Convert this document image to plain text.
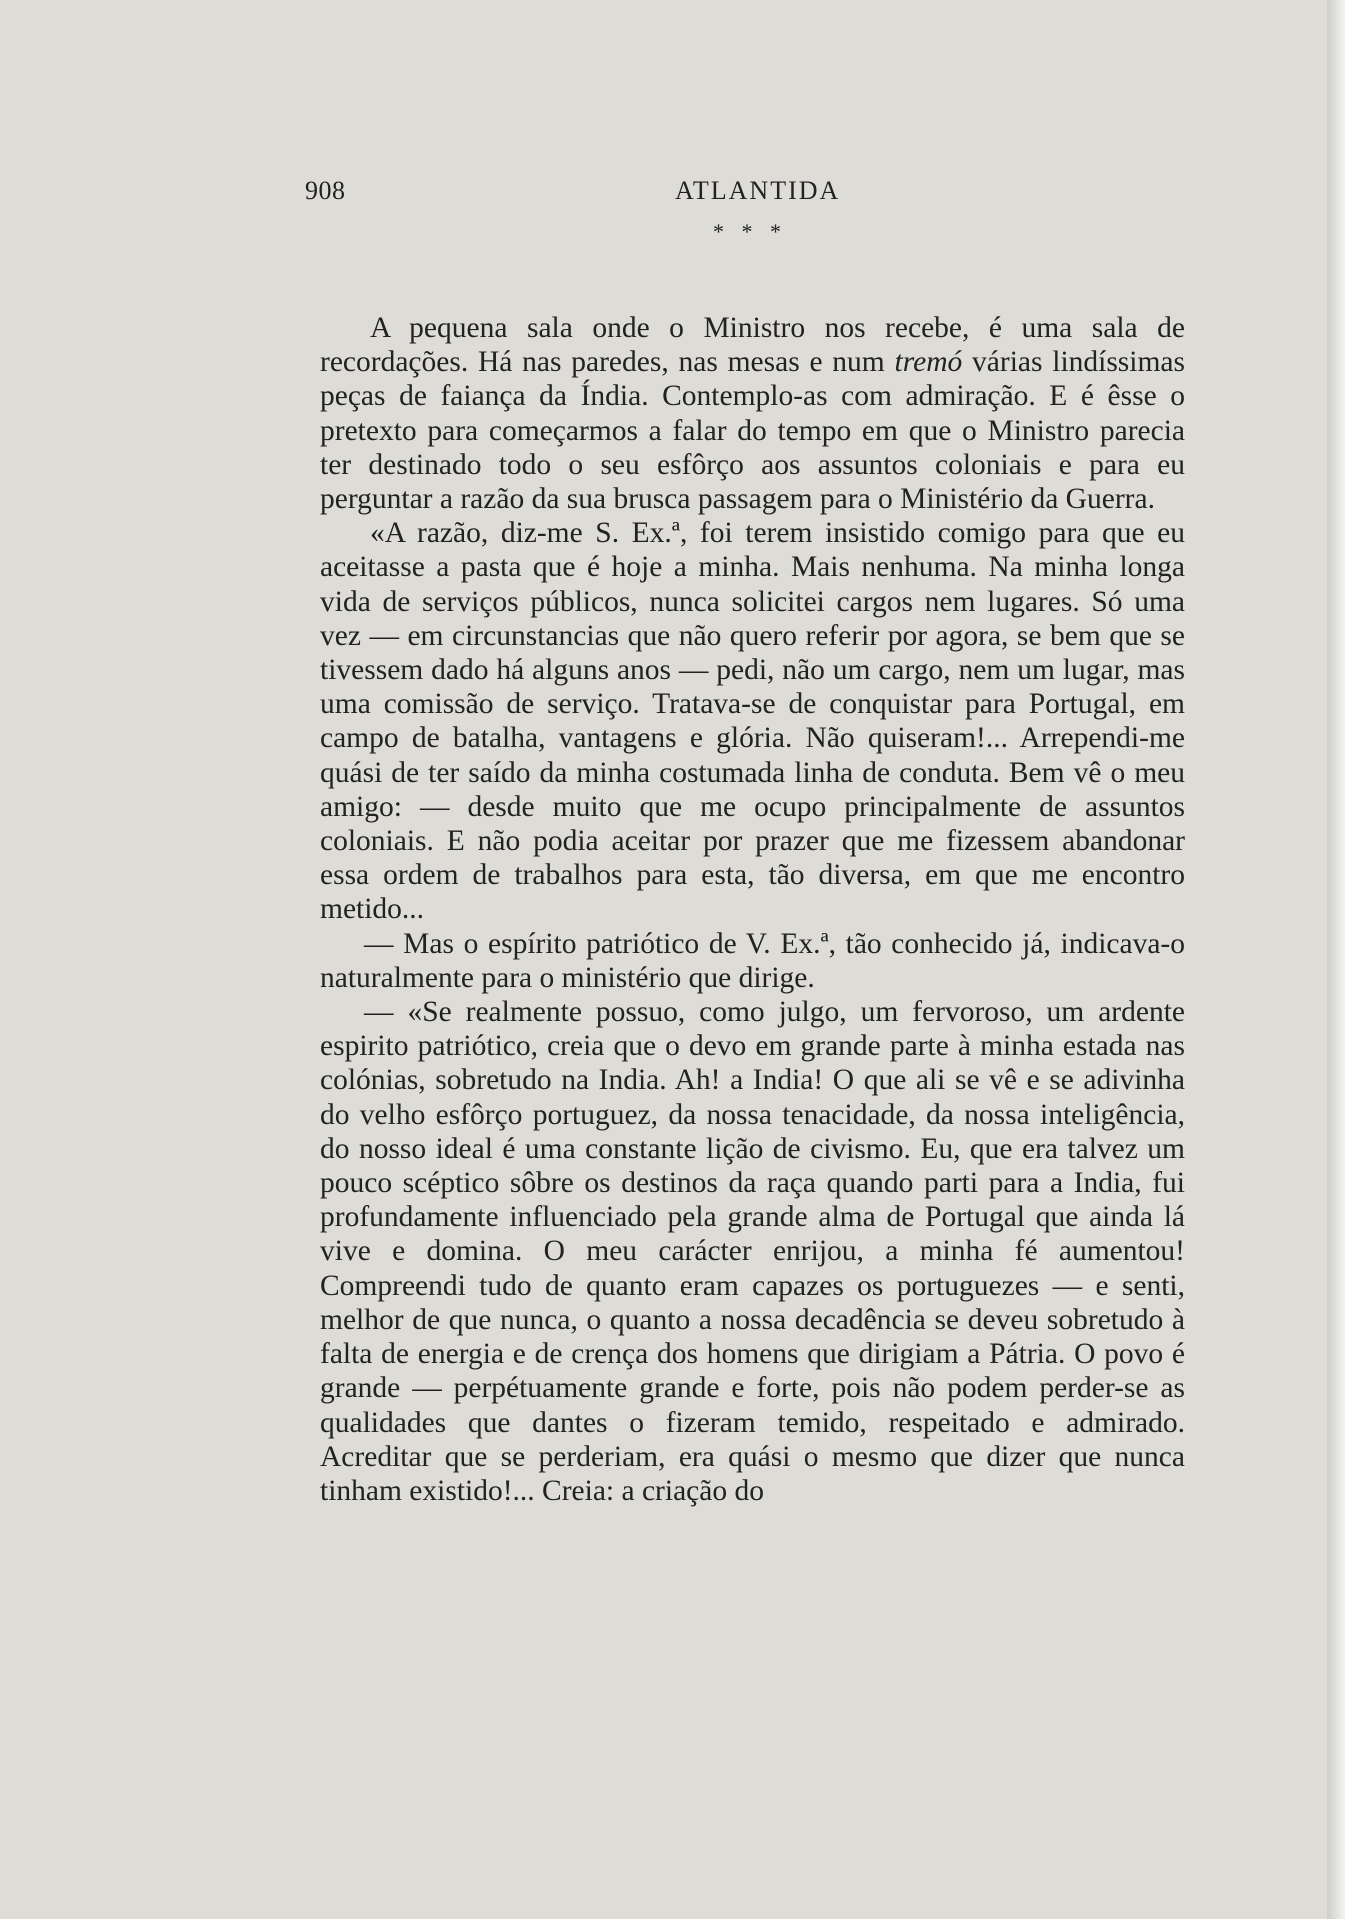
908	ATLANTIDA
* * *

A pequena sala onde o Ministro nos recebe, é uma sala de recordações. Há nas paredes, nas mesas e num tremó várias lindíssimas peças de faiança da Índia. Contemplo-as com admiração. E é êsse o pretexto para começarmos a falar do tempo em que o Ministro parecia ter destinado todo o seu esfôrço aos assuntos coloniais e para eu perguntar a razão da sua brusca passagem para o Ministério da Guerra.

«A razão, diz-me S. Ex.ª, foi terem insistido comigo para que eu aceitasse a pasta que é hoje a minha. Mais nenhuma. Na minha longa vida de serviços públicos, nunca solicitei cargos nem lugares. Só uma vez — em circunstancias que não quero referir por agora, se bem que se tivessem dado há alguns anos — pedi, não um cargo, nem um lugar, mas uma comissão de serviço. Tratava-se de conquistar para Portugal, em campo de batalha, vantagens e glória. Não quiseram!... Arrependi-me quási de ter saído da minha costumada linha de conduta. Bem vê o meu amigo: — desde muito que me ocupo principalmente de assuntos coloniais. E não podia aceitar por prazer que me fizessem abandonar essa ordem de trabalhos para esta, tão diversa, em que me encontro metido...

— Mas o espírito patriótico de V. Ex.ª, tão conhecido já, indicava-o naturalmente para o ministério que dirige.

— «Se realmente possuo, como julgo, um fervoroso, um ardente espirito patriótico, creia que o devo em grande parte à minha estada nas colónias, sobretudo na India. Ah! a India! O que ali se vê e se adivinha do velho esfôrço portuguez, da nossa tenacidade, da nossa inteligência, do nosso ideal é uma constante lição de civismo. Eu, que era talvez um pouco scéptico sôbre os destinos da raça quando parti para a India, fui profundamente influenciado pela grande alma de Portugal que ainda lá vive e domina. O meu carácter enrijou, a minha fé aumentou! Compreendi tudo de quanto eram capazes os portuguezes — e senti, melhor de que nunca, o quanto a nossa decadência se deveu sobretudo à falta de energia e de crença dos homens que dirigiam a Pátria. O povo é grande — perpétuamente grande e forte, pois não podem perder-se as qualidades que dantes o fizeram temido, respeitado e admirado. Acreditar que se perderiam, era quási o mesmo que dizer que nunca tinham existido!... Creia: a criação do
